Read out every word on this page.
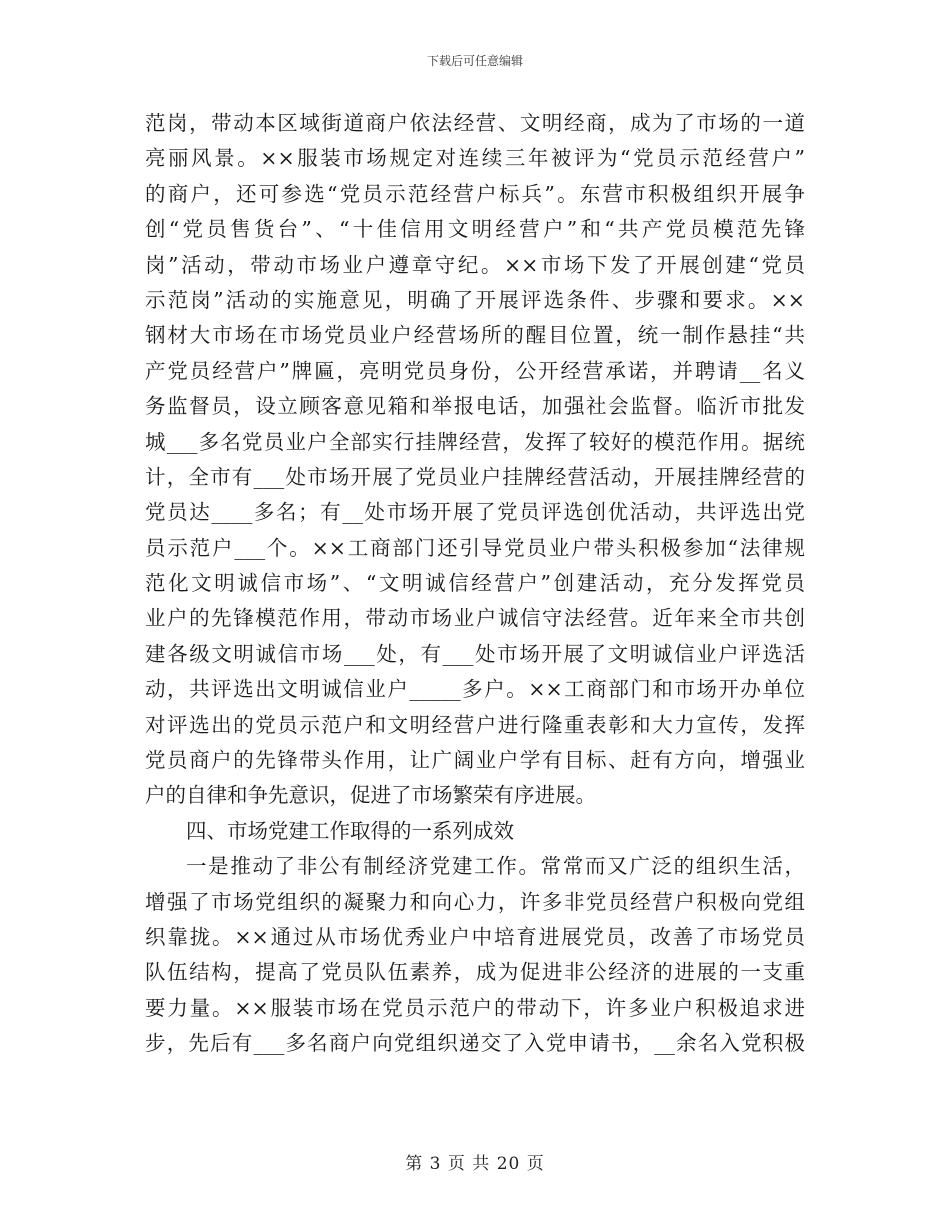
下载后可任意编辑
范岗，带动本区域街道商户依法经营、文明经商，成为了市场的一道
亮丽风景。××服装市场规定对连续三年被评为“党员示范经营户”
的商户，还可参选“党员示范经营户标兵”。东营市积极组织开展争
创“党员售货台”、“十佳信用文明经营户”和“共产党员模范先锋
岗”活动，带动市场业户遵章守纪。××市场下发了开展创建“党员
示范岗”活动的实施意见，明确了开展评选条件、步骤和要求。××
钢材大市场在市场党员业户经营场所的醒目位置，统一制作悬挂“共
产党员经营户”牌匾，亮明党员身份，公开经营承诺，并聘请__名义
务监督员，设立顾客意见箱和举报电话，加强社会监督。临沂市批发
城___多名党员业户全部实行挂牌经营，发挥了较好的模范作用。据统
计，全市有___处市场开展了党员业户挂牌经营活动，开展挂牌经营的
党员达____多名；有__处市场开展了党员评选创优活动，共评选出党
员示范户___个。××工商部门还引导党员业户带头积极参加“法律规
范化文明诚信市场”、“文明诚信经营户”创建活动，充分发挥党员
业户的先锋模范作用，带动市场业户诚信守法经营。近年来全市共创
建各级文明诚信市场___处，有___处市场开展了文明诚信业户评选活
动，共评选出文明诚信业户_____多户。××工商部门和市场开办单位
对评选出的党员示范户和文明经营户进行隆重表彰和大力宣传，发挥
党员商户的先锋带头作用，让广阔业户学有目标、赶有方向，增强业
户的自律和争先意识，促进了市场繁荣有序进展。
四、市场党建工作取得的一系列成效
一是推动了非公有制经济党建工作。常常而又广泛的组织生活，
增强了市场党组织的凝聚力和向心力，许多非党员经营户积极向党组
织靠拢。××通过从市场优秀业户中培育进展党员，改善了市场党员
队伍结构，提高了党员队伍素养，成为促进非公经济的进展的一支重
要力量。××服装市场在党员示范户的带动下，许多业户积极追求进
步，先后有___多名商户向党组织递交了入党申请书，__余名入党积极
第 3 页 共 20 页
